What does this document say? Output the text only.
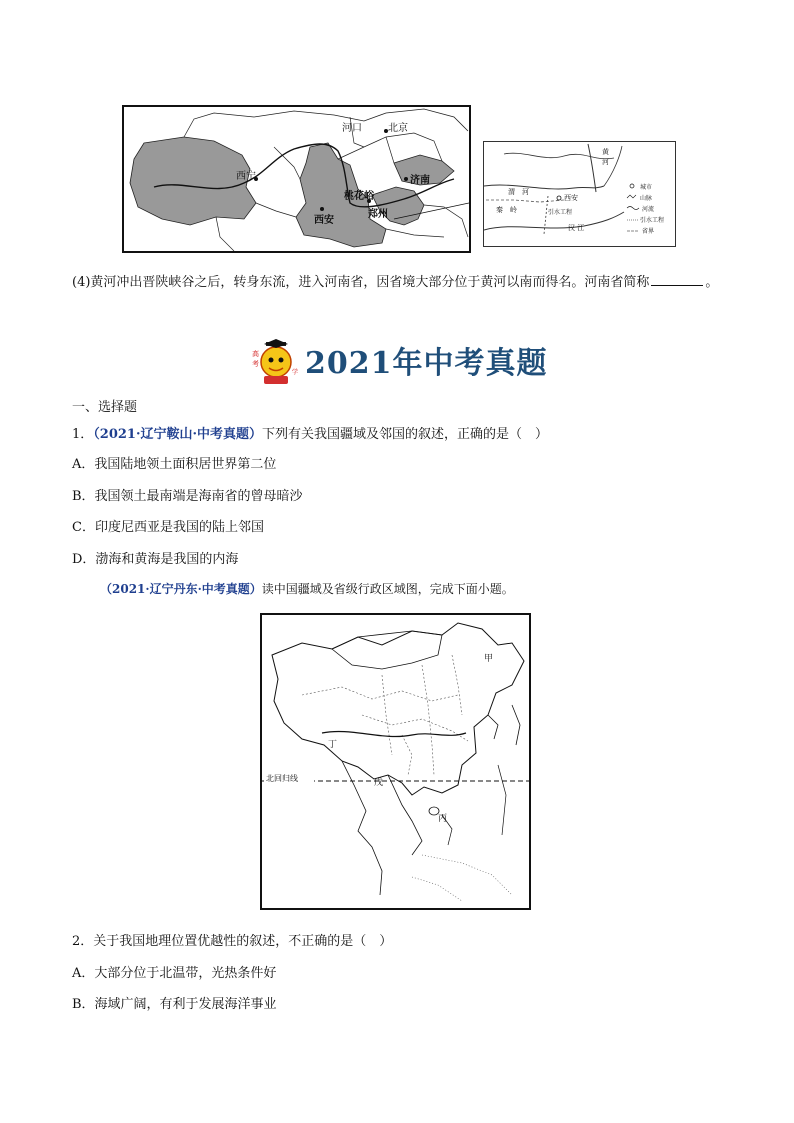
西宁
河口	北京
济南
桃花峪
西安
郑州
黄
河
渭　河
西安
秦　岭	引水工程
汉 江
城市
山脉
河流
引水工程
省界
(4)黄河冲出晋陕峡谷之后，转身东流，进入河南省，因省境大部分位于黄河以南而得名。河南省简称	。
高
考
学 2021年中考真题
一、选择题
1．（2021·辽宁鞍山·中考真题）下列有关我国疆域及邻国的叙述，正确的是（　）
A．我国陆地领土面积居世界第二位
B．我国领土最南端是海南省的曾母暗沙
C．印度尼西亚是我国的陆上邻国
D．渤海和黄海是我国的内海
（2021·辽宁丹东·中考真题）读中国疆域及省级行政区域图，完成下面小题。
甲
丁
戊
丙
北回归线
2．关于我国地理位置优越性的叙述，不正确的是（　）
A．大部分位于北温带，光热条件好
B．海域广阔，有利于发展海洋事业
